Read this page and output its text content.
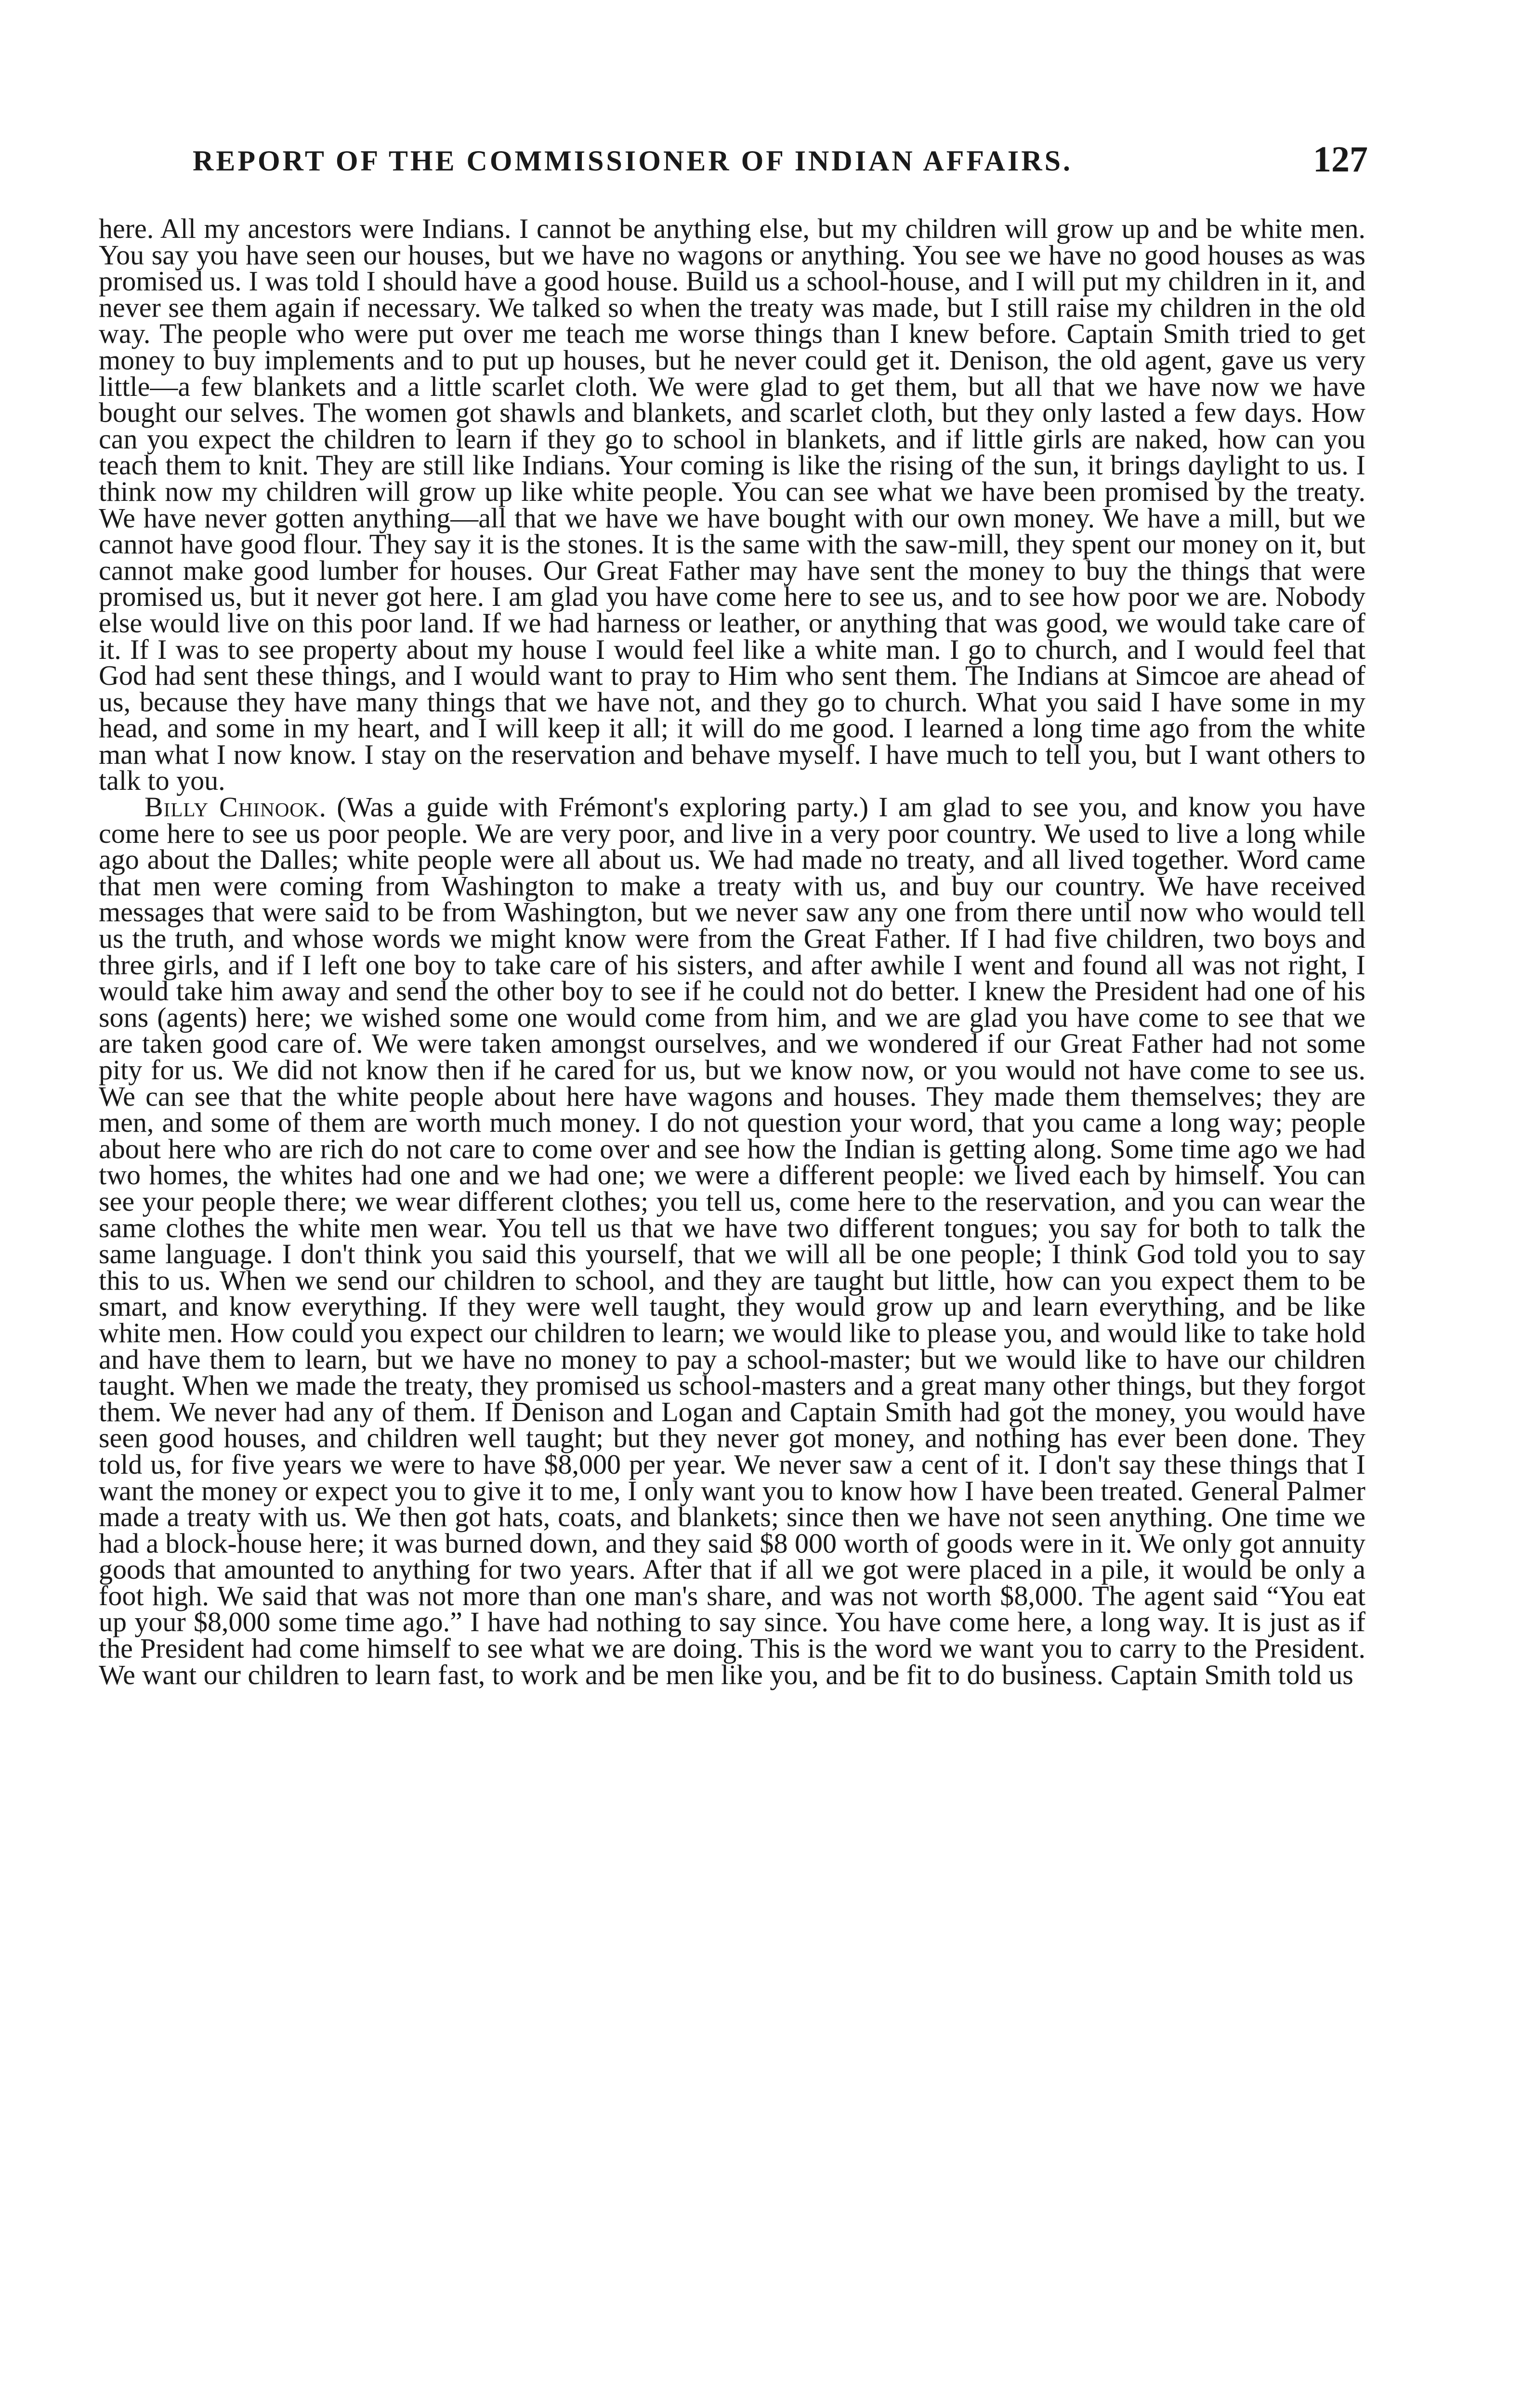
REPORT OF THE COMMISSIONER OF INDIAN AFFAIRS.	127

here. All my ancestors were Indians. I cannot be anything else, but my children will grow up and be white men. You say you have seen our houses, but we have no wagons or anything. You see we have no good houses as was promised us. I was told I should have a good house. Build us a school-house, and I will put my children in it, and never see them again if necessary. We talked so when the treaty was made, but I still raise my children in the old way. The people who were put over me teach me worse things than I knew before. Captain Smith tried to get money to buy implements and to put up houses, but he never could get it. Denison, the old agent, gave us very little—a few blankets and a little scarlet cloth. We were glad to get them, but all that we have now we have bought our selves. The women got shawls and blankets, and scarlet cloth, but they only lasted a few days. How can you expect the children to learn if they go to school in blankets, and if little girls are naked, how can you teach them to knit. They are still like Indians. Your coming is like the rising of the sun, it brings daylight to us. I think now my children will grow up like white people. You can see what we have been promised by the treaty. We have never gotten anything—all that we have we have bought with our own money. We have a mill, but we cannot have good flour. They say it is the stones. It is the same with the saw-mill, they spent our money on it, but cannot make good lumber for houses. Our Great Father may have sent the money to buy the things that were promised us, but it never got here. I am glad you have come here to see us, and to see how poor we are. Nobody else would live on this poor land. If we had harness or leather, or anything that was good, we would take care of it. If I was to see property about my house I would feel like a white man. I go to church, and I would feel that God had sent these things, and I would want to pray to Him who sent them. The Indians at Simcoe are ahead of us, because they have many things that we have not, and they go to church. What you said I have some in my head, and some in my heart, and I will keep it all; it will do me good. I learned a long time ago from the white man what I now know. I stay on the reservation and behave myself. I have much to tell you, but I want others to talk to you.

Billy Chinook. (Was a guide with Frémont's exploring party.) I am glad to see you, and know you have come here to see us poor people. We are very poor, and live in a very poor country. We used to live a long while ago about the Dalles; white people were all about us. We had made no treaty, and all lived together. Word came that men were coming from Washington to make a treaty with us, and buy our country. We have received messages that were said to be from Washington, but we never saw any one from there until now who would tell us the truth, and whose words we might know were from the Great Father. If I had five children, two boys and three girls, and if I left one boy to take care of his sisters, and after awhile I went and found all was not right, I would take him away and send the other boy to see if he could not do better. I knew the President had one of his sons (agents) here; we wished some one would come from him, and we are glad you have come to see that we are taken good care of. We were taken amongst ourselves, and we wondered if our Great Father had not some pity for us. We did not know then if he cared for us, but we know now, or you would not have come to see us. We can see that the white people about here have wagons and houses. They made them themselves; they are men, and some of them are worth much money. I do not question your word, that you came a long way; people about here who are rich do not care to come over and see how the Indian is getting along. Some time ago we had two homes, the whites had one and we had one; we were a different people: we lived each by himself. You can see your people there; we wear different clothes; you tell us, come here to the reservation, and you can wear the same clothes the white men wear. You tell us that we have two different tongues; you say for both to talk the same language. I don't think you said this yourself, that we will all be one people; I think God told you to say this to us. When we send our children to school, and they are taught but little, how can you expect them to be smart, and know everything. If they were well taught, they would grow up and learn everything, and be like white men. How could you expect our children to learn; we would like to please you, and would like to take hold and have them to learn, but we have no money to pay a school-master; but we would like to have our children taught. When we made the treaty, they promised us school-masters and a great many other things, but they forgot them. We never had any of them. If Denison and Logan and Captain Smith had got the money, you would have seen good houses, and children well taught; but they never got money, and nothing has ever been done. They told us, for five years we were to have $8,000 per year. We never saw a cent of it. I don't say these things that I want the money or expect you to give it to me, I only want you to know how I have been treated. General Palmer made a treaty with us. We then got hats, coats, and blankets; since then we have not seen anything. One time we had a block-house here; it was burned down, and they said $8 000 worth of goods were in it. We only got annuity goods that amounted to anything for two years. After that if all we got were placed in a pile, it would be only a foot high. We said that was not more than one man's share, and was not worth $8,000. The agent said “You eat up your $8,000 some time ago.” I have had nothing to say since. You have come here, a long way. It is just as if the President had come himself to see what we are doing. This is the word we want you to carry to the President. We want our children to learn fast, to work and be men like you, and be fit to do business. Captain Smith told us
